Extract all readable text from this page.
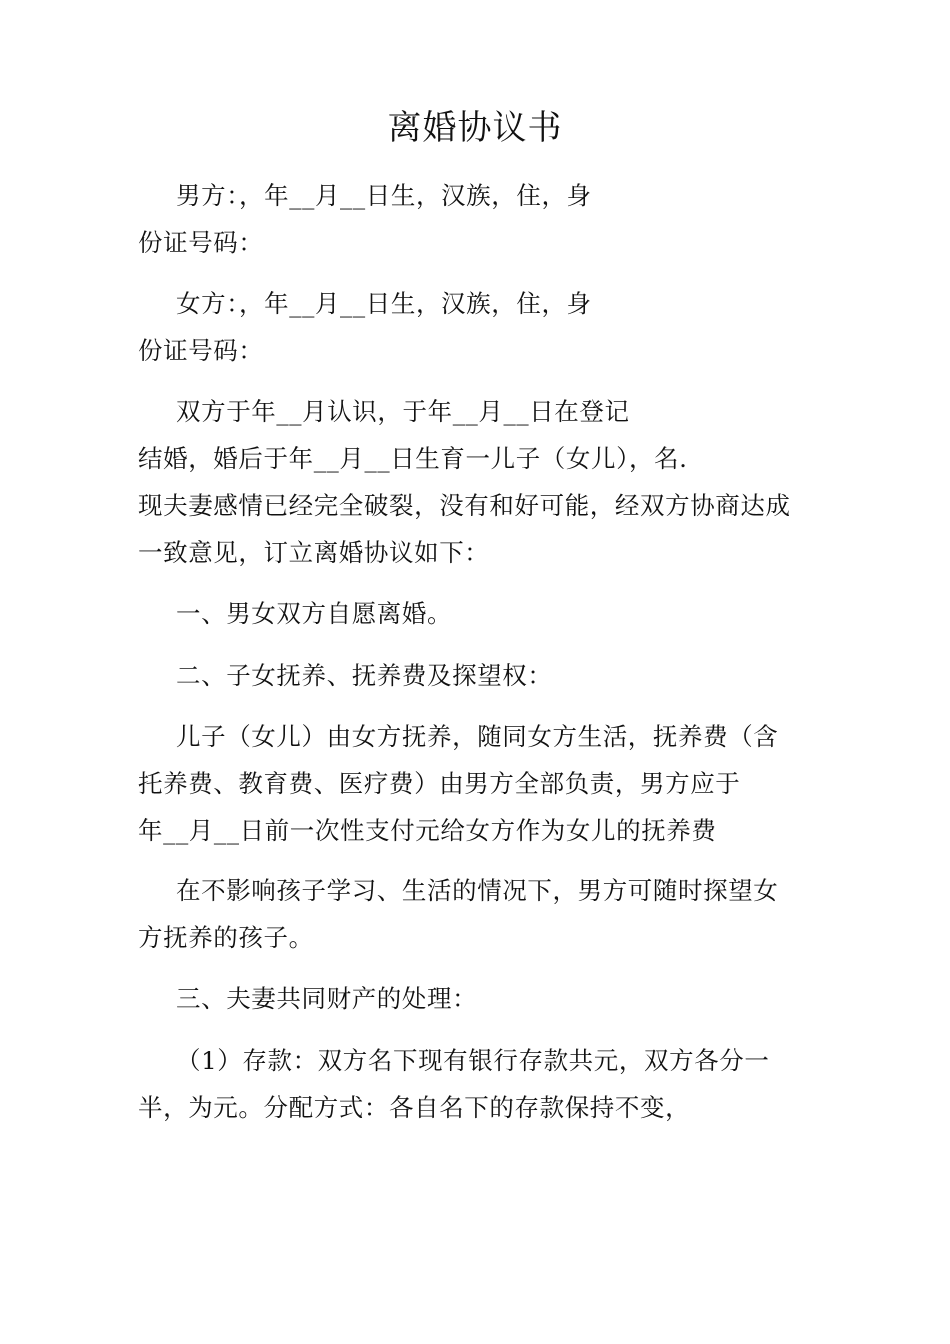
离婚协议书
男方：，年__月__日生，汉族，住，身
份证号码：
女方：，年__月__日生，汉族，住，身
份证号码：
双方于年__月认识，于年__月__日在登记
结婚，婚后于年__月__日生育一儿子（女儿），名.
现夫妻感情已经完全破裂，没有和好可能，经双方协商达成
一致意见，订立离婚协议如下：
一、男女双方自愿离婚。
二、子女抚养、抚养费及探望权：
儿子（女儿）由女方抚养，随同女方生活，抚养费（含
托养费、教育费、医疗费）由男方全部负责，男方应于
年__月__日前一次性支付元给女方作为女儿的抚养费
在不影响孩子学习、生活的情况下，男方可随时探望女
方抚养的孩子。
三、夫妻共同财产的处理：
（1）存款：双方名下现有银行存款共元，双方各分一
半，为元。分配方式：各自名下的存款保持不变，
